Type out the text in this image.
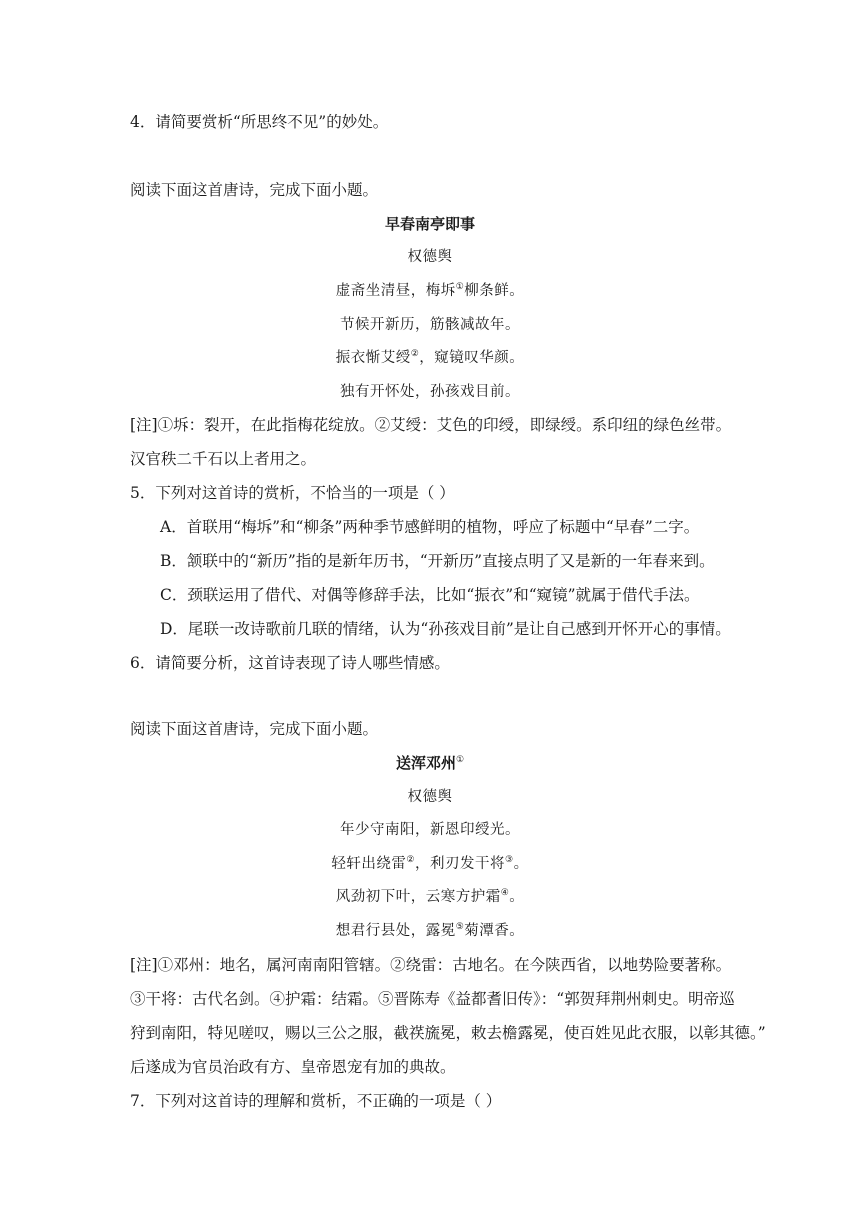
4．请简要赏析“所思终不见”的妙处。
阅读下面这首唐诗，完成下面小题。
早春南亭即事
权德舆
虚斋坐清昼，梅坼①柳条鲜。
节候开新历，筋骸减故年。
振衣惭艾绶②，窥镜叹华颜。
独有开怀处，孙孩戏目前。
[注]①坼：裂开，在此指梅花绽放。②艾绶：艾色的印绶，即绿绶。系印纽的绿色丝带。
汉官秩二千石以上者用之。
5．下列对这首诗的赏析，不恰当的一项是（ ）
A．首联用“梅坼”和“柳条”两种季节感鲜明的植物，呼应了标题中“早春”二字。
B．颔联中的“新历”指的是新年历书，“开新历”直接点明了又是新的一年春来到。
C．颈联运用了借代、对偶等修辞手法，比如“振衣”和“窥镜”就属于借代手法。
D．尾联一改诗歌前几联的情绪，认为“孙孩戏目前”是让自己感到开怀开心的事情。
6．请简要分析，这首诗表现了诗人哪些情感。
阅读下面这首唐诗，完成下面小题。
送浑邓州①
权德舆
年少守南阳，新恩印绶光。
轻轩出绕雷②，利刃发干将③。
风劲初下叶，云寒方护霜④。
想君行县处，露冕⑤菊潭香。
[注]①邓州：地名，属河南南阳管辖。②绕雷：古地名。在今陕西省，以地势险要著称。
③干将：古代名剑。④护霜：结霜。⑤晋陈寿《益都耆旧传》：“郭贺拜荆州刺史。明帝巡
狩到南阳，特见嗟叹，赐以三公之服，截䄏旒冕，敕去檐露冕，使百姓见此衣服，以彰其德。”
后遂成为官员治政有方、皇帝恩宠有加的典故。
7．下列对这首诗的理解和赏析，不正确的一项是（ ）
